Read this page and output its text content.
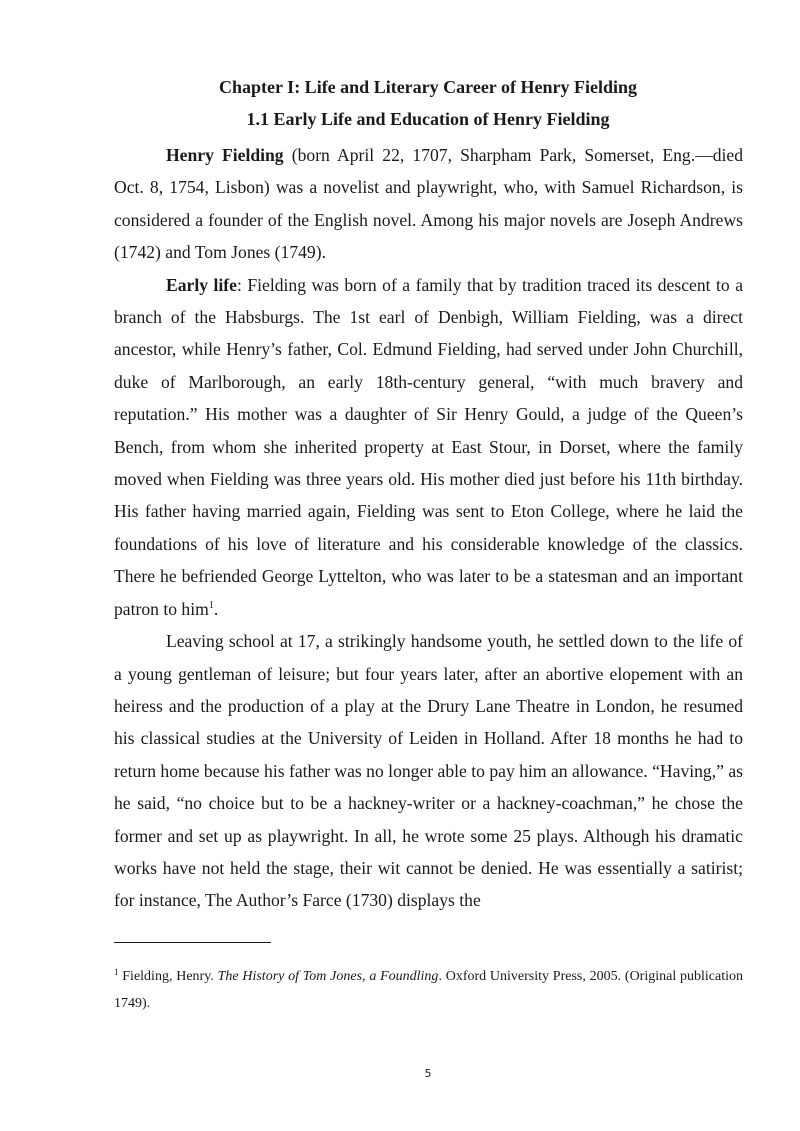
Chapter I: Life and Literary Career of Henry Fielding
1.1 Early Life and Education of Henry Fielding

Henry Fielding (born April 22, 1707, Sharpham Park, Somerset, Eng.—died Oct. 8, 1754, Lisbon) was a novelist and playwright, who, with Samuel Richardson, is considered a founder of the English novel. Among his major novels are Joseph Andrews (1742) and Tom Jones (1749).

Early life: Fielding was born of a family that by tradition traced its descent to a branch of the Habsburgs. The 1st earl of Denbigh, William Fielding, was a direct ancestor, while Henry’s father, Col. Edmund Fielding, had served under John Churchill, duke of Marlborough, an early 18th-century general, “with much bravery and reputation.” His mother was a daughter of Sir Henry Gould, a judge of the Queen’s Bench, from whom she inherited property at East Stour, in Dorset, where the family moved when Fielding was three years old. His mother died just before his 11th birthday. His father having married again, Fielding was sent to Eton College, where he laid the foundations of his love of literature and his considerable knowledge of the classics. There he befriended George Lyttelton, who was later to be a statesman and an important patron to him$^1$.

Leaving school at 17, a strikingly handsome youth, he settled down to the life of a young gentleman of leisure; but four years later, after an abortive elopement with an heiress and the production of a play at the Drury Lane Theatre in London, he resumed his classical studies at the University of Leiden in Holland. After 18 months he had to return home because his father was no longer able to pay him an allowance. “Having,” as he said, “no choice but to be a hackney-writer or a hackney-coachman,” he chose the former and set up as playwright. In all, he wrote some 25 plays. Although his dramatic works have not held the stage, their wit cannot be denied. He was essentially a satirist; for instance, The Author’s Farce (1730) displays the

$^1$ Fielding, Henry. The History of Tom Jones, a Foundling. Oxford University Press, 2005. (Original publication 1749).
5
